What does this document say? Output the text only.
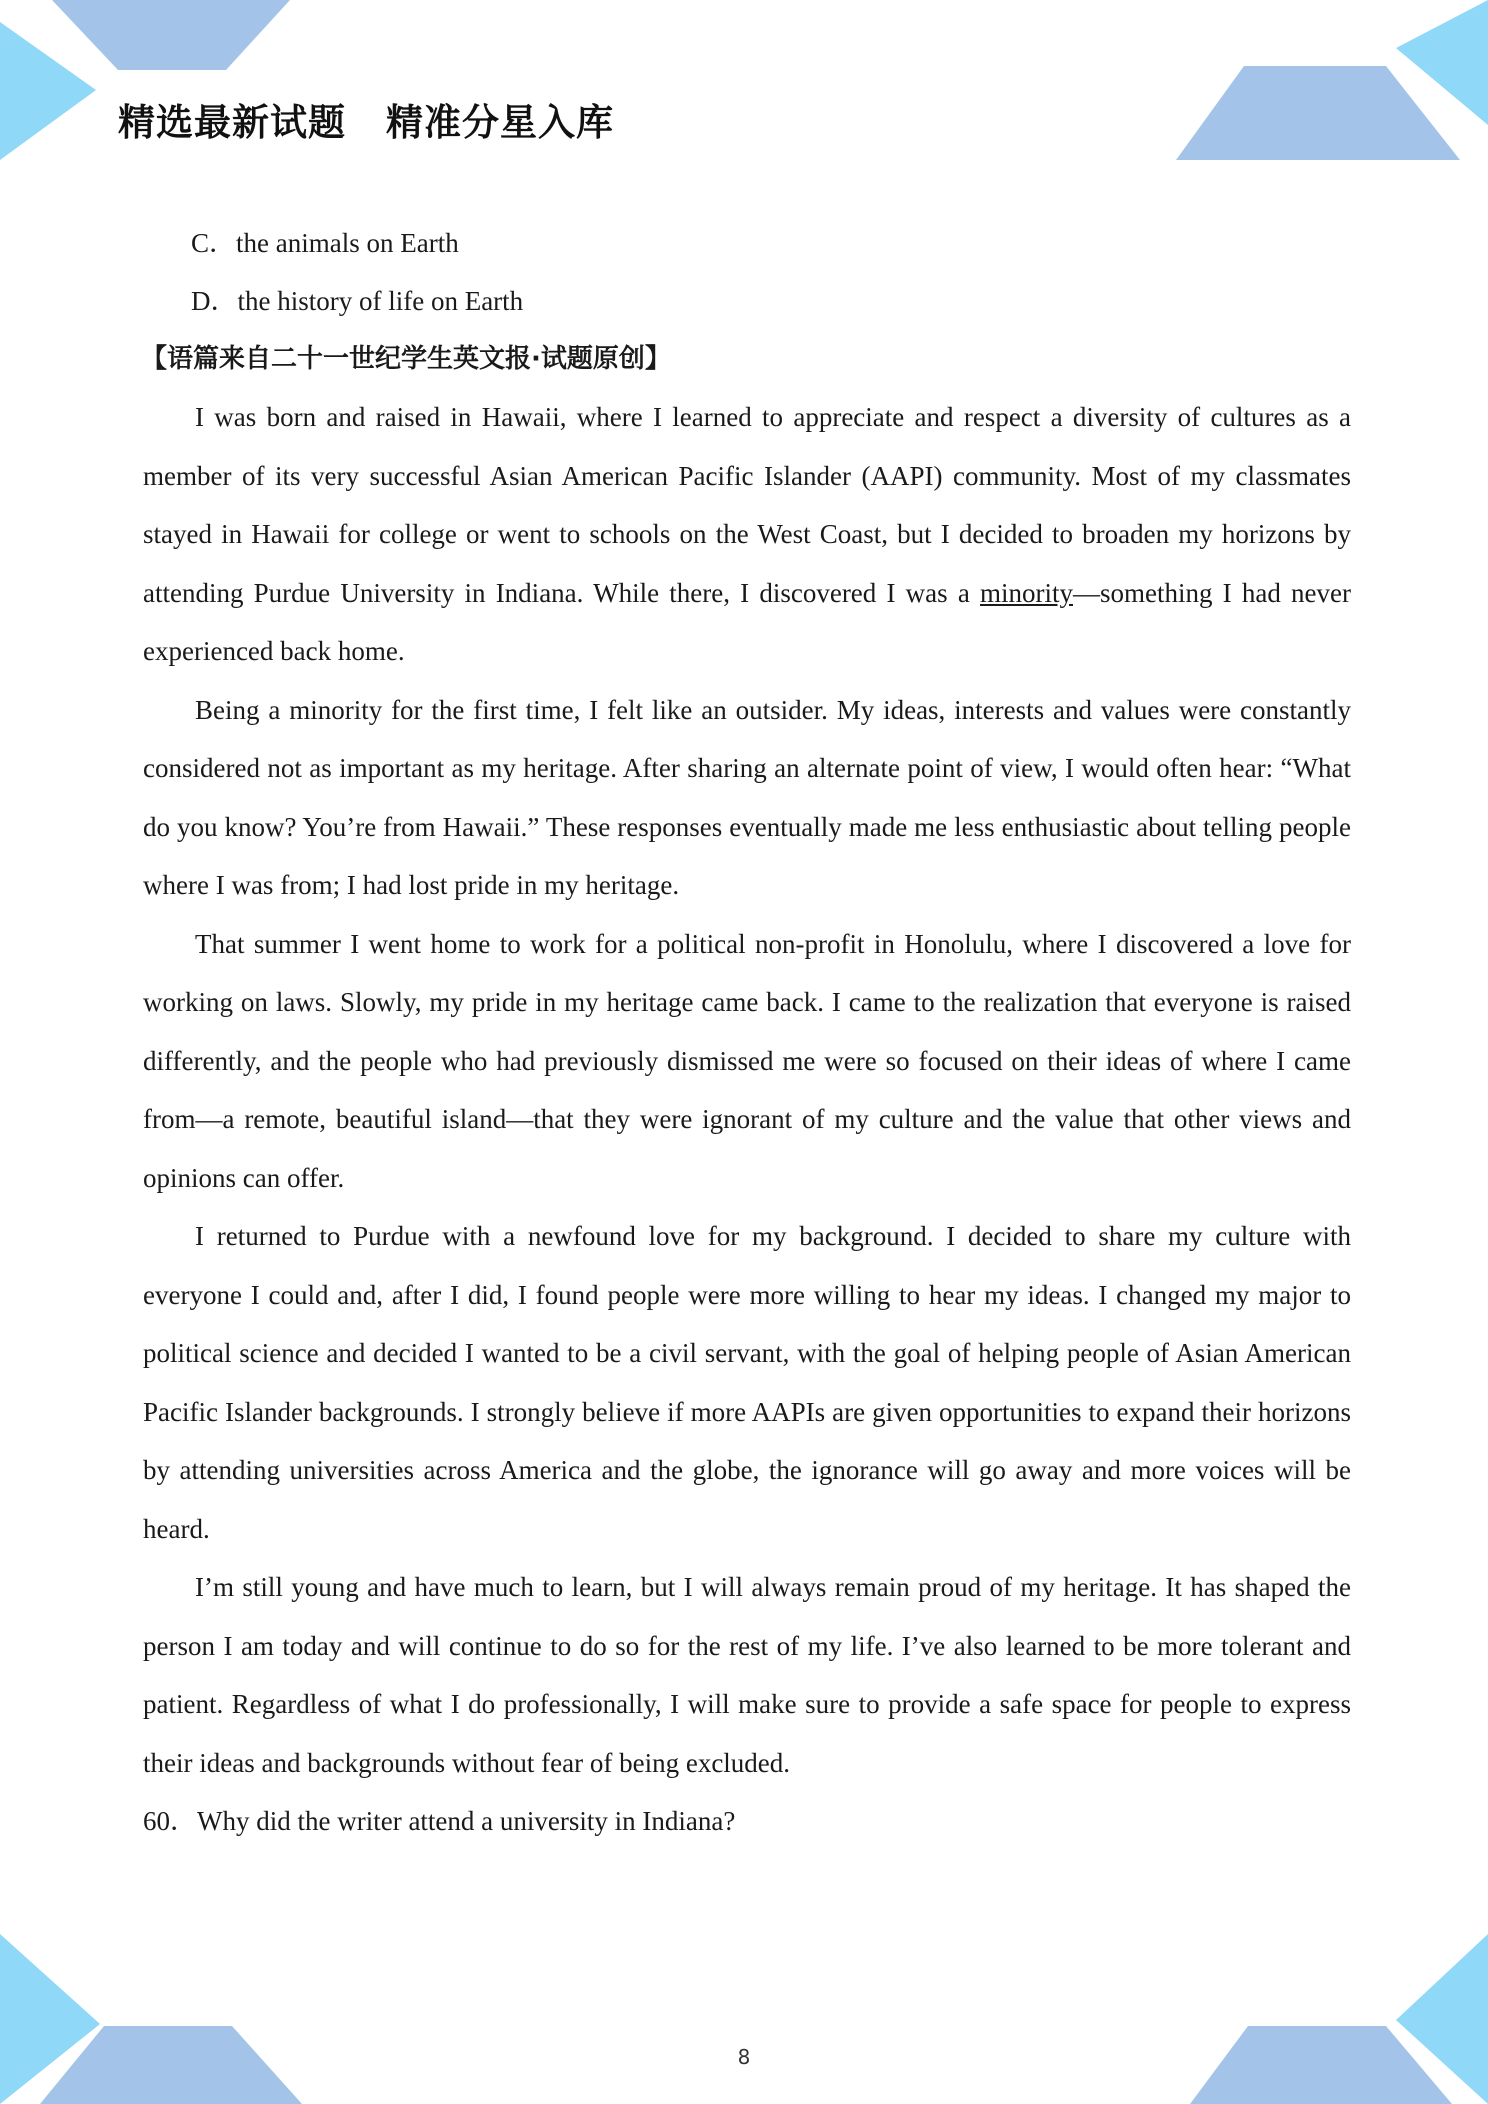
精选最新试题 精准分星入库
C．the animals on Earth
D．the history of life on Earth
【语篇来自二十一世纪学生英文报·试题原创】

I was born and raised in Hawaii, where I learned to appreciate and respect a diversity of cultures as a member of its very successful Asian American Pacific Islander (AAPI) community. Most of my classmates stayed in Hawaii for college or went to schools on the West Coast, but I decided to broaden my horizons by attending Purdue University in Indiana. While there, I discovered I was a minority—something I had never experienced back home.

Being a minority for the first time, I felt like an outsider. My ideas, interests and values were constantly considered not as important as my heritage. After sharing an alternate point of view, I would often hear: “What do you know? You’re from Hawaii.” These responses eventually made me less enthusiastic about telling people where I was from; I had lost pride in my heritage.

That summer I went home to work for a political non-profit in Honolulu, where I discovered a love for working on laws. Slowly, my pride in my heritage came back. I came to the realization that everyone is raised differently, and the people who had previously dismissed me were so focused on their ideas of where I came from—a remote, beautiful island—that they were ignorant of my culture and the value that other views and opinions can offer.

I returned to Purdue with a newfound love for my background. I decided to share my culture with everyone I could and, after I did, I found people were more willing to hear my ideas. I changed my major to political science and decided I wanted to be a civil servant, with the goal of helping people of Asian American Pacific Islander backgrounds. I strongly believe if more AAPIs are given opportunities to expand their horizons by attending universities across America and the globe, the ignorance will go away and more voices will be heard.

I’m still young and have much to learn, but I will always remain proud of my heritage. It has shaped the person I am today and will continue to do so for the rest of my life. I’ve also learned to be more tolerant and patient. Regardless of what I do professionally, I will make sure to provide a safe space for people to express their ideas and backgrounds without fear of being excluded.

60．Why did the writer attend a university in Indiana?
8
